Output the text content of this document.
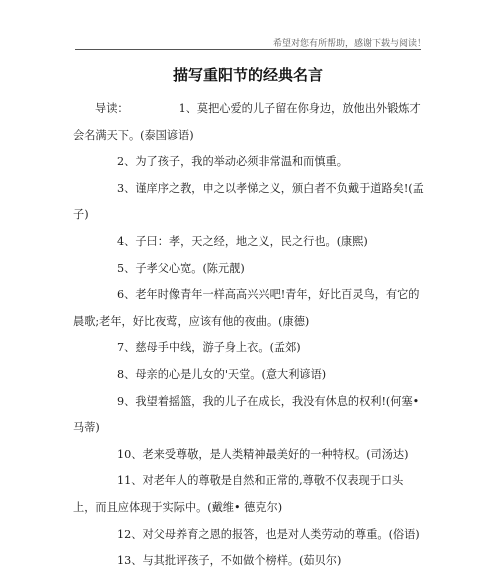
希望对您有所帮助，感谢下载与阅读！
描写重阳节的经典名言
导读：	1、莫把心爱的儿子留在你身边，放他出外锻炼才会名满天下。(泰国谚语)
2、为了孩子，我的举动必须非常温和而慎重。
3、谨庠序之教，申之以孝悌之义，颁白者不负戴于道路矣!(孟子)
4、子曰：孝，天之经，地之义，民之行也。(康熙)
5、子孝父心宽。(陈元靓)
6、老年时像青年一样高高兴兴吧!青年，好比百灵鸟，有它的晨歌;老年，好比夜莺，应该有他的夜曲。(康德)
7、慈母手中线，游子身上衣。(孟郊)
8、母亲的心是儿女的'天堂。(意大利谚语)
9、我望着摇篮，我的儿子在成长，我没有休息的权利!(何塞•马蒂)
10、老来受尊敬，是人类精神最美好的一种特权。(司汤达)
11、对老年人的尊敬是自然和正常的,尊敬不仅表现于口头上，而且应体现于实际中。(戴维• 德克尔)
12、对父母养育之恩的报答，也是对人类劳动的尊重。(俗语)
13、与其批评孩子，不如做个榜样。(茹贝尔)
